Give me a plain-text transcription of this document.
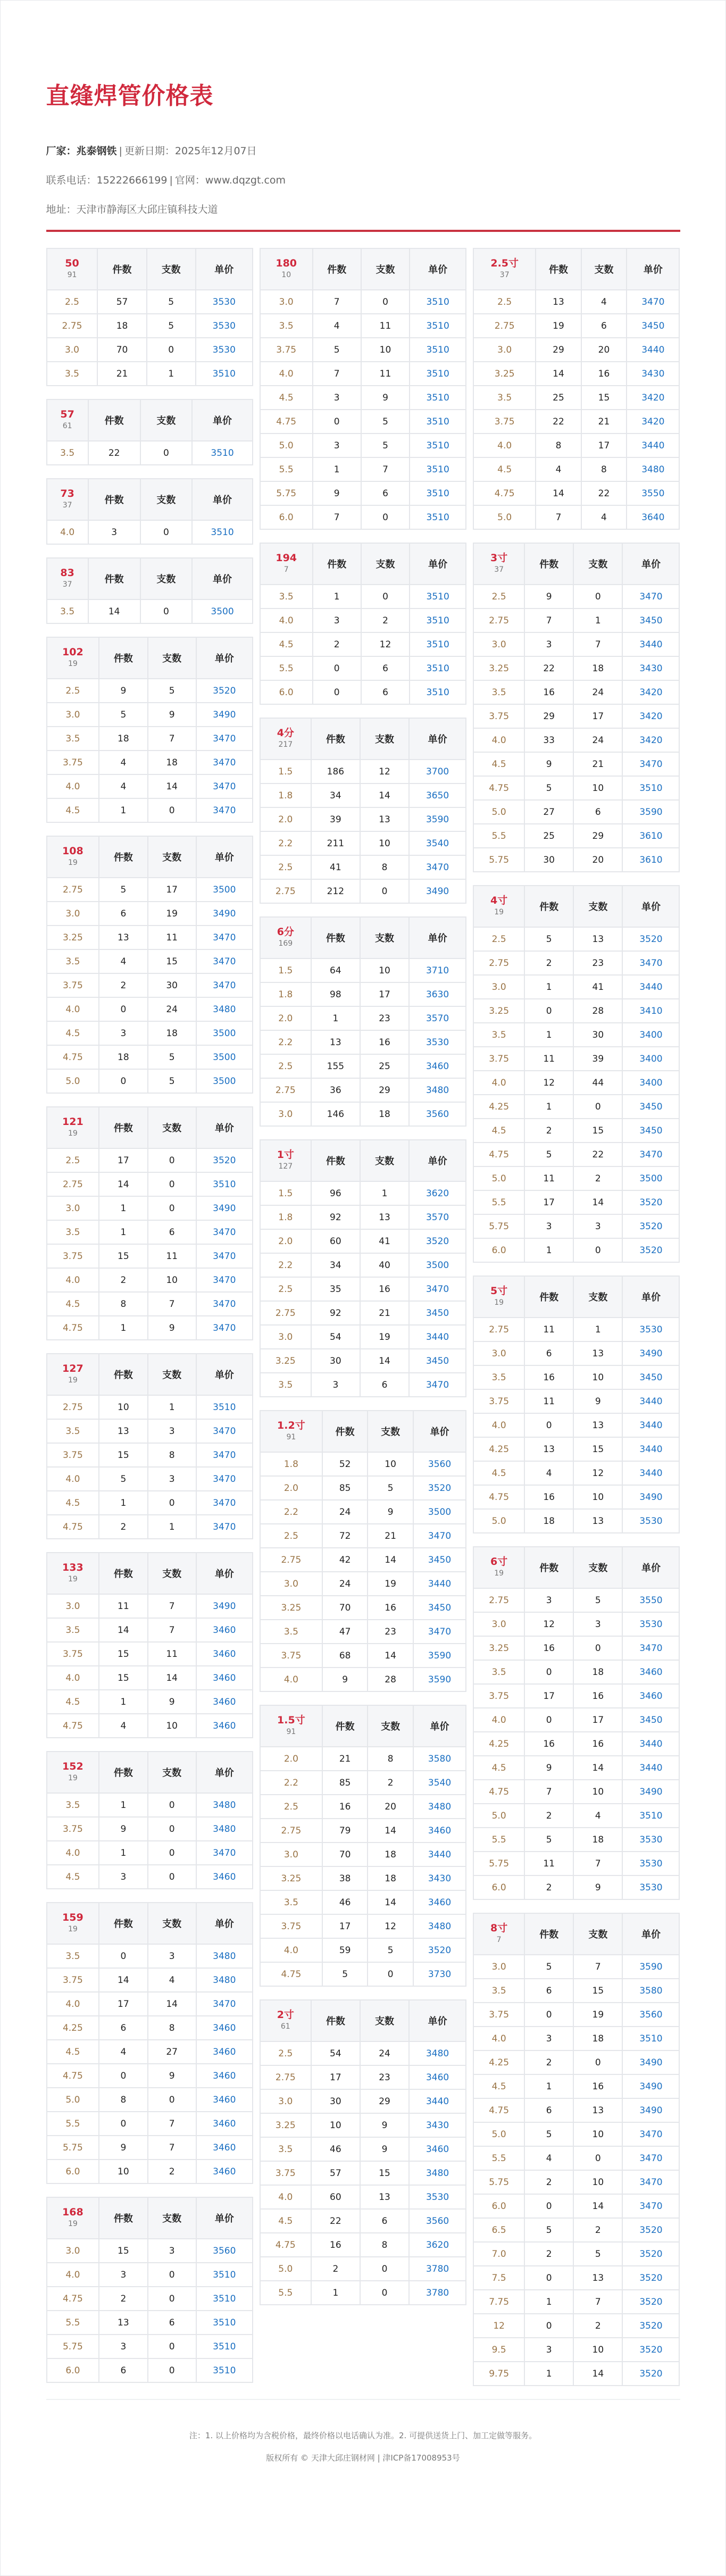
直缝焊管价格表
厂家：兆泰钢铁 | 更新日期：2025年12月07日
联系电话：15222666199 | 官网：www.dqzgt.com
地址：天津市静海区大邱庄镇科技大道
50
91	件数	支数	单价
2.5	57	5	3530
2.75	18	5	3530
3.0	70	0	3530
3.5	21	1	3510
57
61	件数	支数	单价
3.5	22	0	3510
73
37	件数	支数	单价
4.0	3	0	3510
83
37	件数	支数	单价
3.5	14	0	3500
102
19	件数	支数	单价
2.5	9	5	3520
3.0	5	9	3490
3.5	18	7	3470
3.75	4	18	3470
4.0	4	14	3470
4.5	1	0	3470
108
19	件数	支数	单价
2.75	5	17	3500
3.0	6	19	3490
3.25	13	11	3470
3.5	4	15	3470
3.75	2	30	3470
4.0	0	24	3480
4.5	3	18	3500
4.75	18	5	3500
5.0	0	5	3500
121
19	件数	支数	单价
2.5	17	0	3520
2.75	14	0	3510
3.0	1	0	3490
3.5	1	6	3470
3.75	15	11	3470
4.0	2	10	3470
4.5	8	7	3470
4.75	1	9	3470
127
19	件数	支数	单价
2.75	10	1	3510
3.5	13	3	3470
3.75	15	8	3470
4.0	5	3	3470
4.5	1	0	3470
4.75	2	1	3470
133
19	件数	支数	单价
3.0	11	7	3490
3.5	14	7	3460
3.75	15	11	3460
4.0	15	14	3460
4.5	1	9	3460
4.75	4	10	3460
152
19	件数	支数	单价
3.5	1	0	3480
3.75	9	0	3480
4.0	1	0	3470
4.5	3	0	3460
159
19	件数	支数	单价
3.5	0	3	3480
3.75	14	4	3480
4.0	17	14	3470
4.25	6	8	3460
4.5	4	27	3460
4.75	0	9	3460
5.0	8	0	3460
5.5	0	7	3460
5.75	9	7	3460
6.0	10	2	3460
168
19	件数	支数	单价
3.0	15	3	3560
4.0	3	0	3510
4.75	2	0	3510
5.5	13	6	3510
5.75	3	0	3510
6.0	6	0	3510
180
10	件数	支数	单价
3.0	7	0	3510
3.5	4	11	3510
3.75	5	10	3510
4.0	7	11	3510
4.5	3	9	3510
4.75	0	5	3510
5.0	3	5	3510
5.5	1	7	3510
5.75	9	6	3510
6.0	7	0	3510
194
7	件数	支数	单价
3.5	1	0	3510
4.0	3	2	3510
4.5	2	12	3510
5.5	0	6	3510
6.0	0	6	3510
4分
217	件数	支数	单价
1.5	186	12	3700
1.8	34	14	3650
2.0	39	13	3590
2.2	211	10	3540
2.5	41	8	3470
2.75	212	0	3490
6分
169	件数	支数	单价
1.5	64	10	3710
1.8	98	17	3630
2.0	1	23	3570
2.2	13	16	3530
2.5	155	25	3460
2.75	36	29	3480
3.0	146	18	3560
1寸
127	件数	支数	单价
1.5	96	1	3620
1.8	92	13	3570
2.0	60	41	3520
2.2	34	40	3500
2.5	35	16	3470
2.75	92	21	3450
3.0	54	19	3440
3.25	30	14	3450
3.5	3	6	3470
1.2寸
91	件数	支数	单价
1.8	52	10	3560
2.0	85	5	3520
2.2	24	9	3500
2.5	72	21	3470
2.75	42	14	3450
3.0	24	19	3440
3.25	70	16	3450
3.5	47	23	3470
3.75	68	14	3590
4.0	9	28	3590
1.5寸
91	件数	支数	单价
2.0	21	8	3580
2.2	85	2	3540
2.5	16	20	3480
2.75	79	14	3460
3.0	70	18	3440
3.25	38	18	3430
3.5	46	14	3460
3.75	17	12	3480
4.0	59	5	3520
4.75	5	0	3730
2寸
61	件数	支数	单价
2.5	54	24	3480
2.75	17	23	3460
3.0	30	29	3440
3.25	10	9	3430
3.5	46	9	3460
3.75	57	15	3480
4.0	60	13	3530
4.5	22	6	3560
4.75	16	8	3620
5.0	2	0	3780
5.5	1	0	3780
2.5寸
37	件数	支数	单价
2.5	13	4	3470
2.75	19	6	3450
3.0	29	20	3440
3.25	14	16	3430
3.5	25	15	3420
3.75	22	21	3420
4.0	8	17	3440
4.5	4	8	3480
4.75	14	22	3550
5.0	7	4	3640
3寸
37	件数	支数	单价
2.5	9	0	3470
2.75	7	1	3450
3.0	3	7	3440
3.25	22	18	3430
3.5	16	24	3420
3.75	29	17	3420
4.0	33	24	3420
4.5	9	21	3470
4.75	5	10	3510
5.0	27	6	3590
5.5	25	29	3610
5.75	30	20	3610
4寸
19	件数	支数	单价
2.5	5	13	3520
2.75	2	23	3470
3.0	1	41	3440
3.25	0	28	3410
3.5	1	30	3400
3.75	11	39	3400
4.0	12	44	3400
4.25	1	0	3450
4.5	2	15	3450
4.75	5	22	3470
5.0	11	2	3500
5.5	17	14	3520
5.75	3	3	3520
6.0	1	0	3520
5寸
19	件数	支数	单价
2.75	11	1	3530
3.0	6	13	3490
3.5	16	10	3450
3.75	11	9	3440
4.0	0	13	3440
4.25	13	15	3440
4.5	4	12	3440
4.75	16	10	3490
5.0	18	13	3530
6寸
19	件数	支数	单价
2.75	3	5	3550
3.0	12	3	3530
3.25	16	0	3470
3.5	0	18	3460
3.75	17	16	3460
4.0	0	17	3450
4.25	16	16	3440
4.5	9	14	3440
4.75	7	10	3490
5.0	2	4	3510
5.5	5	18	3530
5.75	11	7	3530
6.0	2	9	3530
8寸
7	件数	支数	单价
3.0	5	7	3590
3.5	6	15	3580
3.75	0	19	3560
4.0	3	18	3510
4.25	2	0	3490
4.5	1	16	3490
4.75	6	13	3490
5.0	5	10	3470
5.5	4	0	3470
5.75	2	10	3470
6.0	0	14	3470
6.5	5	2	3520
7.0	2	5	3520
7.5	0	13	3520
7.75	1	7	3520
12	0	2	3520
9.5	3	10	3520
9.75	1	14	3520
注：1. 以上价格均为含税价格，最终价格以电话确认为准。2. 可提供送货上门、加工定做等服务。
版权所有 © 天津大邱庄钢材网 | 津ICP备17008953号
